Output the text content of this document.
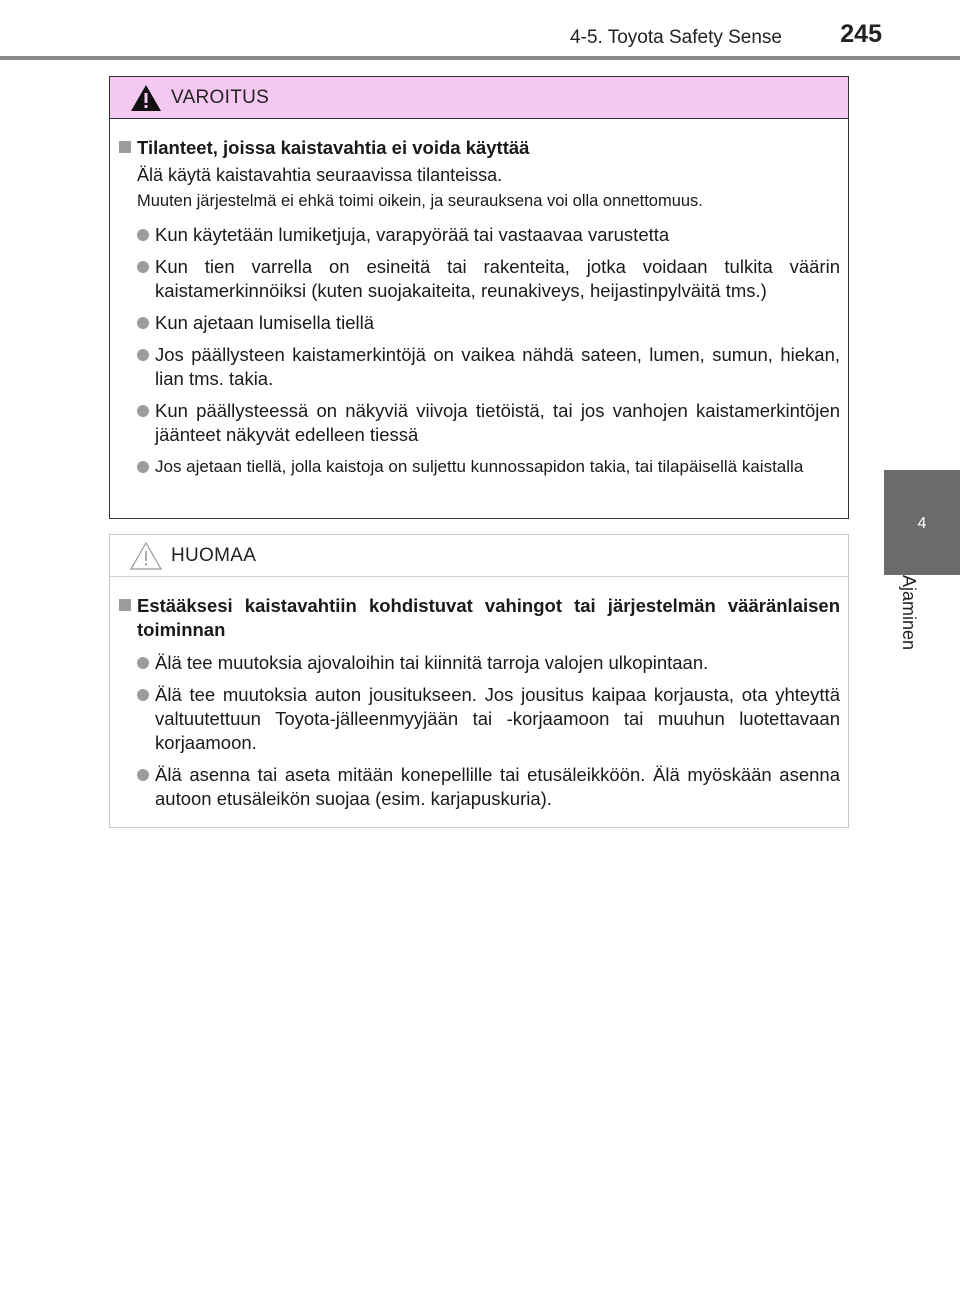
4-5. Toyota Safety Sense 245
4
Ajaminen
VAROITUS
Tilanteet, joissa kaistavahtia ei voida käyttää
Älä käytä kaistavahtia seuraavissa tilanteissa.
Muuten järjestelmä ei ehkä toimi oikein, ja seurauksena voi olla onnettomuus.
Kun käytetään lumiketjuja, varapyörää tai vastaavaa varustetta
Kun tien varrella on esineitä tai rakenteita, jotka voidaan tulkita väärin kaistamerkinnöiksi (kuten suojakaiteita, reunakiveys, heijastinpylväitä tms.)
Kun ajetaan lumisella tiellä
Jos päällysteen kaistamerkintöjä on vaikea nähdä sateen, lumen, sumun, hiekan, lian tms. takia.
Kun päällysteessä on näkyviä viivoja tietöistä, tai jos vanhojen kaistamerkintöjen jäänteet näkyvät edelleen tiessä
Jos ajetaan tiellä, jolla kaistoja on suljettu kunnossapidon takia, tai tilapäisellä kaistalla
HUOMAA
Estääksesi kaistavahtiin kohdistuvat vahingot tai järjestelmän vääränlaisen toiminnan
Älä tee muutoksia ajovaloihin tai kiinnitä tarroja valojen ulkopintaan.
Älä tee muutoksia auton jousitukseen. Jos jousitus kaipaa korjausta, ota yhteyttä valtuutettuun Toyota-jälleenmyyjään tai -korjaamoon tai muuhun luotettavaan korjaamoon.
Älä asenna tai aseta mitään konepellille tai etusäleikköön. Älä myöskään asenna autoon etusäleikön suojaa (esim. karjapuskuria).
